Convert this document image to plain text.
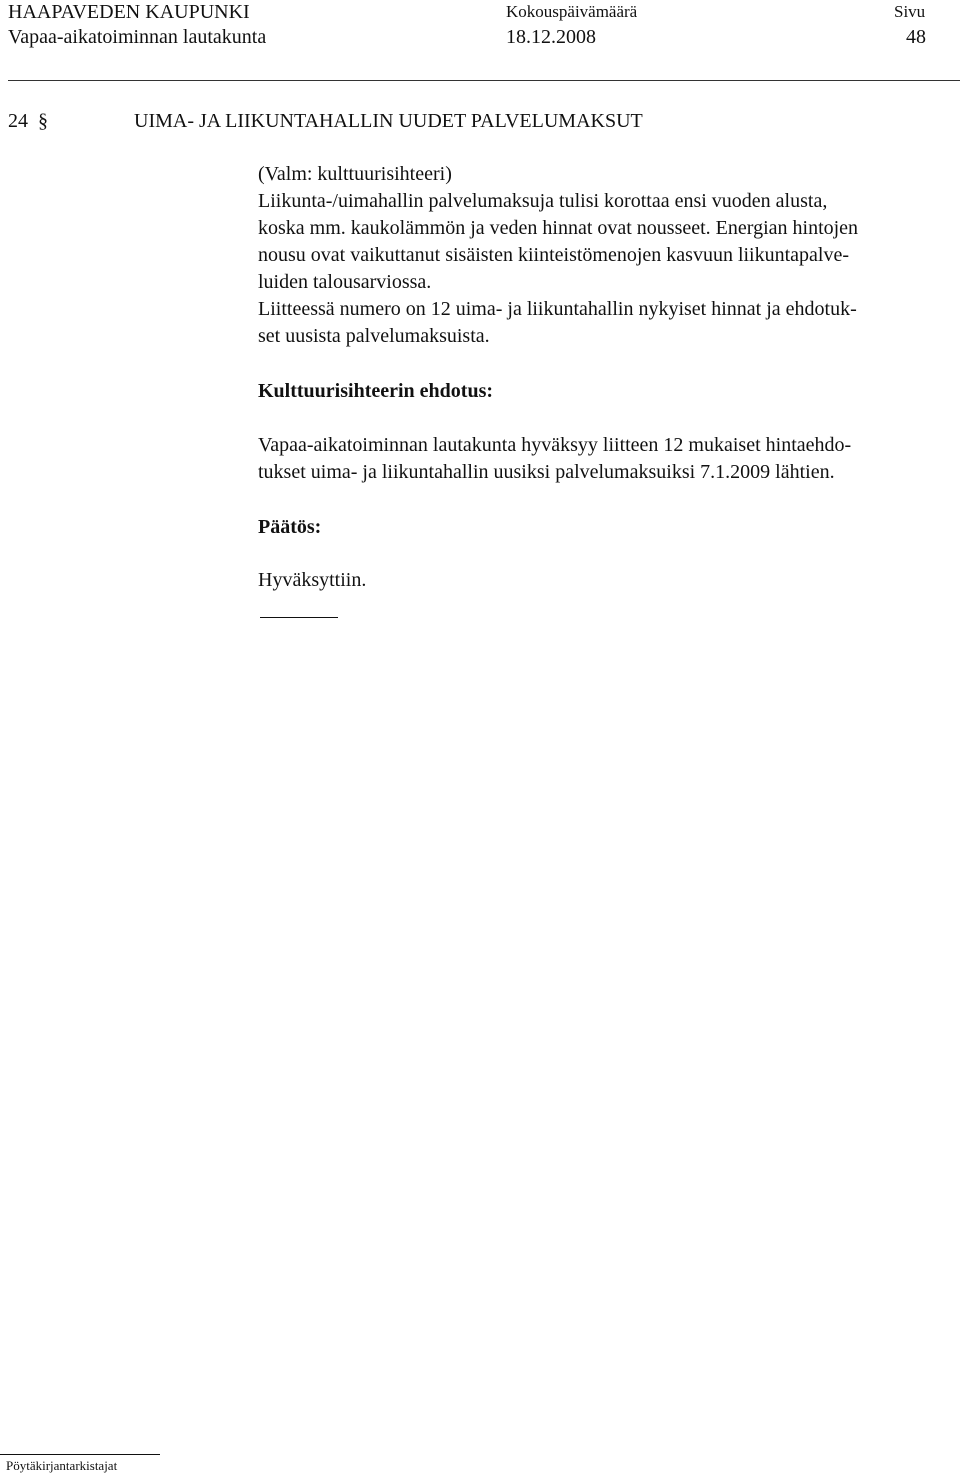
HAAPAVEDEN KAUPUNKI	Kokouspäivämäärä	Sivu
Vapaa-aikatoiminnan lautakunta	18.12.2008	48
24 §	UIMA- JA LIIKUNTAHALLIN UUDET PALVELUMAKSUT
(Valm: kulttuurisihteeri)
Liikunta-/uimahallin palvelumaksuja tulisi korottaa ensi vuoden alusta,
koska mm. kaukolämmön ja veden hinnat ovat nousseet. Energian hintojen
nousu ovat vaikuttanut sisäisten kiinteistömenojen kasvuun liikuntapalve-
luiden talousarviossa.
Liitteessä numero on 12 uima- ja liikuntahallin nykyiset hinnat ja ehdotuk-
set uusista palvelumaksuista.
Kulttuurisihteerin ehdotus:
Vapaa-aikatoiminnan lautakunta hyväksyy liitteen 12 mukaiset hintaehdo-
tukset uima- ja liikuntahallin uusiksi palvelumaksuiksi 7.1.2009 lähtien.
Päätös:
Hyväksyttiin.
Pöytäkirjantarkistajat
